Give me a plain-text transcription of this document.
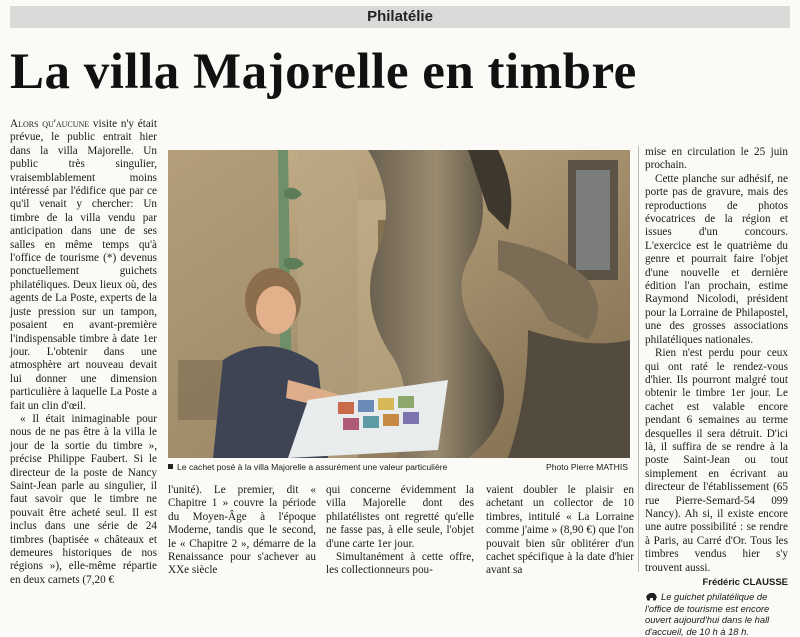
Philatélie
La villa Majorelle en timbre

Alors qu'aucune visite n'y était prévue, le public entrait hier dans la villa Majorelle. Un public très singulier, vraisemblablement moins intéressé par l'édifice que par ce qu'il venait y chercher: Un timbre de la villa vendu par anticipation dans une de ses salles en même temps qu'à l'office de tourisme (*) devenus ponctuellement guichets philatéliques. Deux lieux où, des agents de La Poste, experts de la juste pression sur un tampon, posaient en avant-première l'indispensable timbre à date 1er jour. L'obtenir dans une atmosphère art nouveau devait lui donner une dimension particulière à laquelle La Poste a fait un clin d'œil.

« Il était inimaginable pour nous de ne pas être à la villa le jour de la sortie du timbre », précise Philippe Faubert. Si le directeur de la poste de Nancy Saint-Jean parle au singulier, il faut savoir que le timbre ne pouvait être acheté seul. Il est inclus dans une série de 24 timbres (baptisée « châteaux et demeures historiques de nos régions »), elle-même répartie en deux carnets (7,20 €

Le cachet posé à la villa Majorelle a assurément une valeur particulière	Photo Pierre MATHIS

l'unité). Le premier, dit « Chapitre 1 » couvre la période du Moyen-Âge à l'époque Moderne, tandis que le second, le « Chapitre 2 », démarre de la Renaissance pour s'achever au XXe siècle

qui concerne évidemment la villa Majorelle dont des philatélistes ont regretté qu'elle ne fasse pas, à elle seule, l'objet d'une carte 1er jour.

Simultanément à cette offre, les collectionneurs pou-

vaient doubler le plaisir en achetant un collector de 10 timbres, intitulé « La Lorraine comme j'aime » (8,90 €) que l'on pouvait bien sûr oblitérer d'un cachet spécifique à la date d'hier avant sa

mise en circulation le 25 juin prochain.

Cette planche sur adhésif, ne porte pas de gravure, mais des reproductions de photos évocatrices de la région et issues d'un concours. L'exercice est le quatrième du genre et pourrait faire l'objet d'une nouvelle et dernière édition l'an prochain, estime Raymond Nicolodi, président pour la Lorraine de Philapostel, une des grosses associations philatéliques nationales.

Rien n'est perdu pour ceux qui ont raté le rendez-vous d'hier. Ils pourront malgré tout obtenir le timbre 1er jour. Le cachet est valable encore pendant 6 semaines au terme desquelles il sera détruit. D'ici là, il suffira de se rendre à la poste Saint-Jean ou tout simplement en écrivant au directeur de l'établissement (65 rue Pierre-Semard-54 099 Nancy). Ah si, il existe encore une autre possibilité : se rendre à Paris, au Carré d'Or. Tous les timbres vendus hier s'y trouvent aussi.

Frédéric CLAUSSE
Le guichet philatélique de l'office de tourisme est encore ouvert aujourd'hui dans le hall d'accueil, de 10 h à 18 h.
